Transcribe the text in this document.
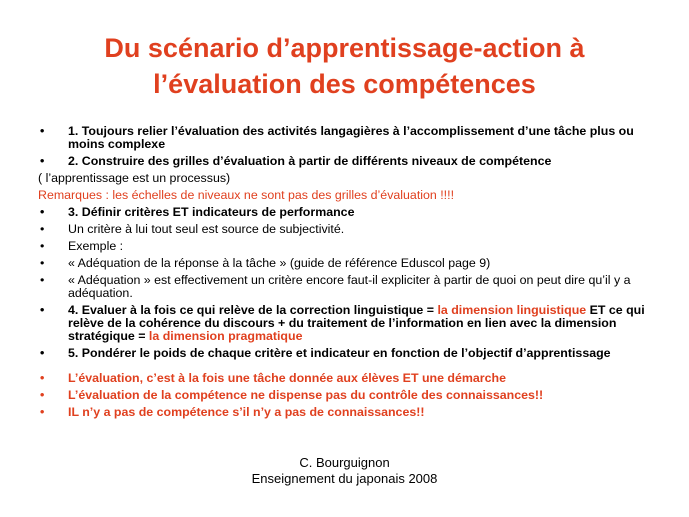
Du scénario d’apprentissage-action à
l’évaluation des compétences
•	1. Toujours relier l’évaluation des activités langagières à l’accomplissement d’une tâche plus ou moins complexe
•	2. Construire des grilles d’évaluation à partir de différents niveaux de compétence
( l’apprentissage est un processus)
Remarques : les échelles de niveaux ne sont pas des grilles d’évaluation !!!!
•	3. Définir critères ET indicateurs de performance
•	Un critère à lui tout seul est source de subjectivité.
•	Exemple :
•	« Adéquation de la réponse à la tâche » (guide de référence Eduscol page 9)
•	« Adéquation » est effectivement un critère encore faut-il expliciter à partir de quoi on peut dire qu’il y a adéquation.
•	4. Evaluer à la fois ce qui relève de la correction linguistique = la dimension linguistique ET ce qui relève de la cohérence du discours + du traitement de l’information en lien avec la dimension stratégique = la dimension pragmatique
•	5. Pondérer le poids de chaque critère et indicateur en fonction de l’objectif d’apprentissage
•	L’évaluation, c’est à la fois une tâche donnée aux élèves ET une démarche
•	L’évaluation de la compétence ne dispense pas du contrôle des connaissances!!
•	IL n’y a pas de compétence s’il n’y a pas de connaissances!!
C. Bourguignon
Enseignement du japonais 2008
